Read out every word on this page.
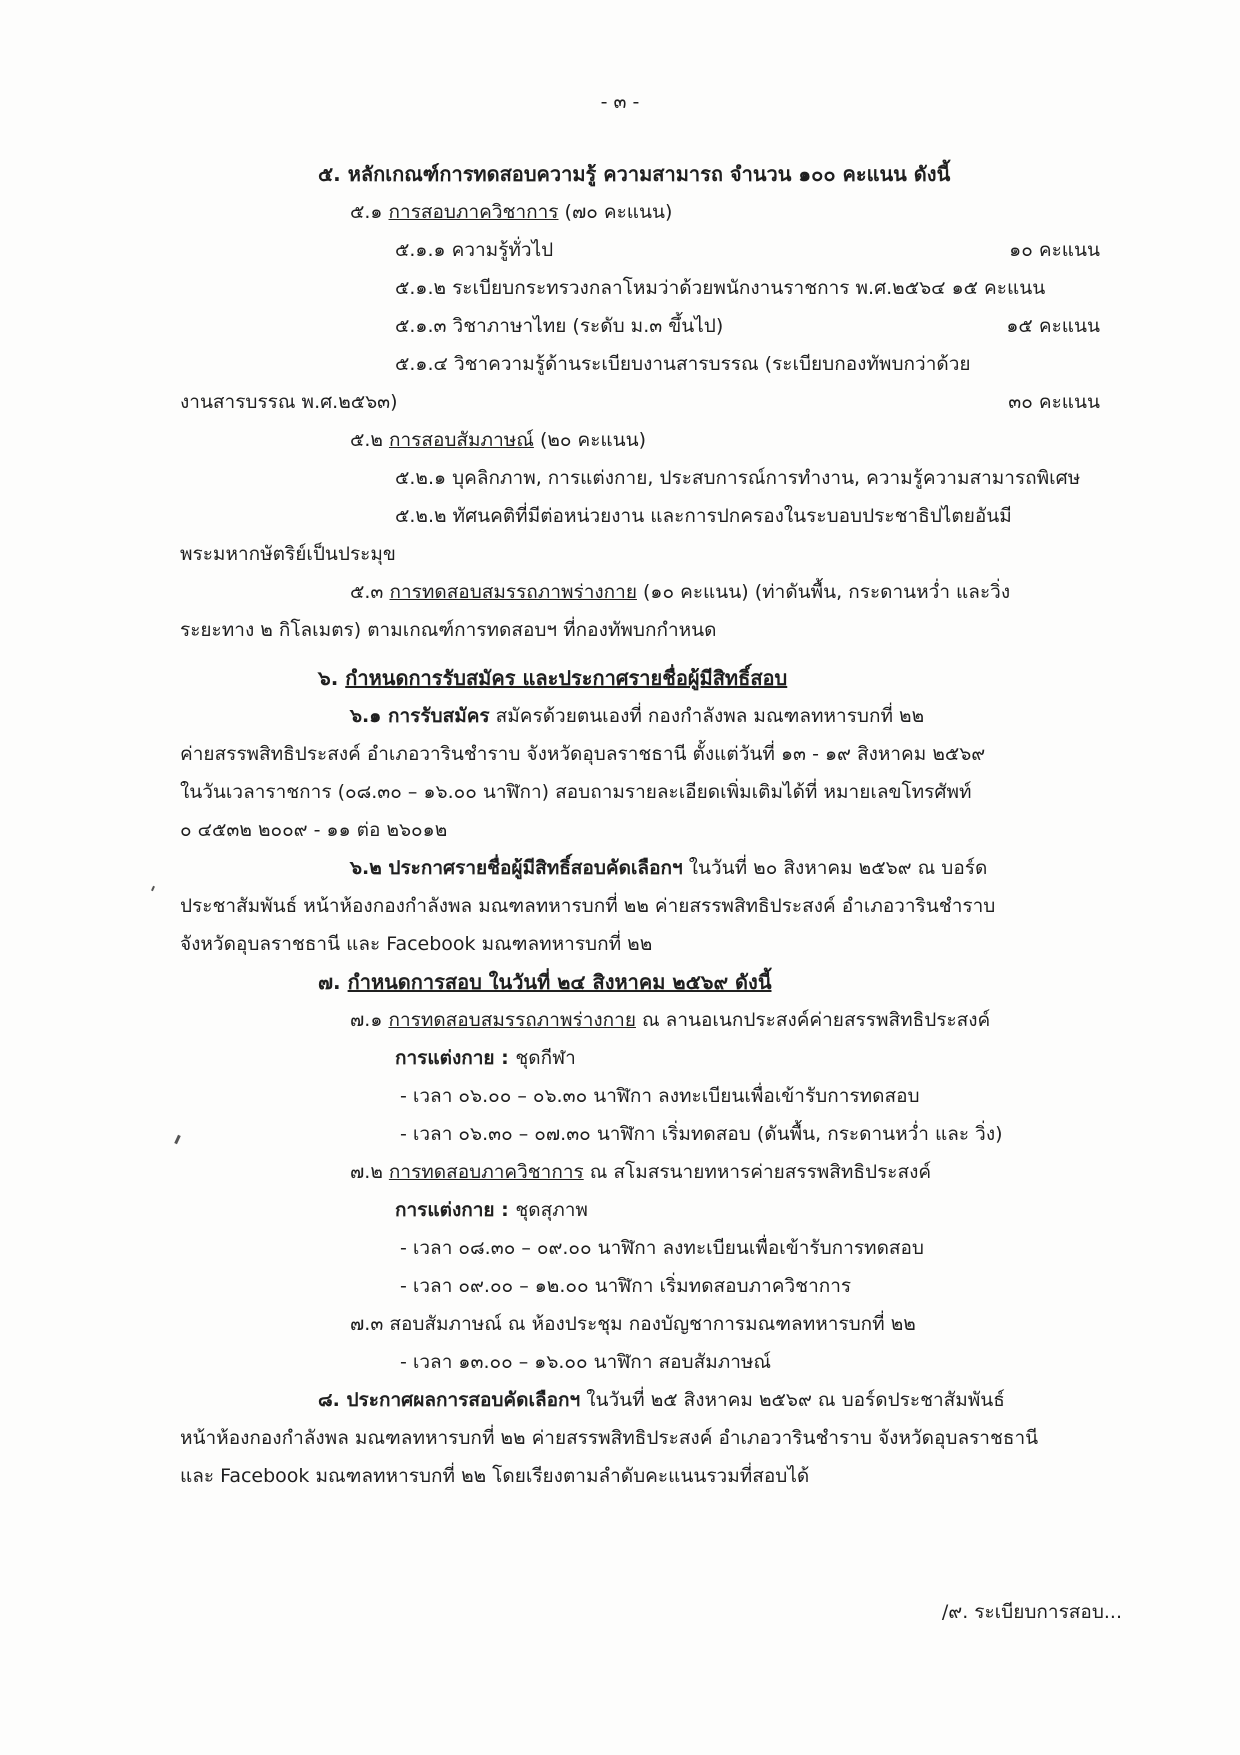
- ๓ -
๕. หลักเกณฑ์การทดสอบความรู้ ความสามารถ จำนวน ๑๐๐ คะแนน ดังนี้
๕.๑ การสอบภาควิชาการ (๗๐ คะแนน)
๕.๑.๑ ความรู้ทั่วไป	๑๐ คะแนน
๕.๑.๒ ระเบียบกระทรวงกลาโหมว่าด้วยพนักงานราชการ พ.ศ.๒๕๖๔ ๑๕ คะแนน
๕.๑.๓ วิชาภาษาไทย (ระดับ ม.๓ ขึ้นไป)	๑๕ คะแนน
๕.๑.๔ วิชาความรู้ด้านระเบียบงานสารบรรณ (ระเบียบกองทัพบกว่าด้วย
งานสารบรรณ พ.ศ.๒๕๖๓)	๓๐ คะแนน
๕.๒ การสอบสัมภาษณ์ (๒๐ คะแนน)
๕.๒.๑ บุคลิกภาพ, การแต่งกาย, ประสบการณ์การทำงาน, ความรู้ความสามารถพิเศษ
๕.๒.๒ ทัศนคติที่มีต่อหน่วยงาน และการปกครองในระบอบประชาธิปไตยอันมี
พระมหากษัตริย์เป็นประมุข
๕.๓ การทดสอบสมรรถภาพร่างกาย (๑๐ คะแนน) (ท่าดันพื้น, กระดานหว่ำ และวิ่ง
ระยะทาง ๒ กิโลเมตร) ตามเกณฑ์การทดสอบฯ ที่กองทัพบกกำหนด
๖. กำหนดการรับสมัคร และประกาศรายชื่อผู้มีสิทธิ์สอบ
๖.๑ การรับสมัคร สมัครด้วยตนเองที่ กองกำลังพล มณฑลทหารบกที่ ๒๒
ค่ายสรรพสิทธิประสงค์ อำเภอวารินชำราบ จังหวัดอุบลราชธานี ตั้งแต่วันที่ ๑๓ - ๑๙ สิงหาคม ๒๕๖๙
ในวันเวลาราชการ (๐๘.๓๐ – ๑๖.๐๐ นาฬิกา) สอบถามรายละเอียดเพิ่มเติมได้ที่ หมายเลขโทรศัพท์
๐ ๔๕๓๒ ๒๐๐๙ - ๑๑ ต่อ ๒๖๐๑๒
๖.๒ ประกาศรายชื่อผู้มีสิทธิ์สอบคัดเลือกฯ ในวันที่ ๒๐ สิงหาคม ๒๕๖๙ ณ บอร์ด
ประชาสัมพันธ์ หน้าห้องกองกำลังพล มณฑลทหารบกที่ ๒๒ ค่ายสรรพสิทธิประสงค์ อำเภอวารินชำราบ
จังหวัดอุบลราชธานี และ Facebook มณฑลทหารบกที่ ๒๒
๗. กำหนดการสอบ ในวันที่ ๒๔ สิงหาคม ๒๕๖๙ ดังนี้
๗.๑ การทดสอบสมรรถภาพร่างกาย ณ ลานอเนกประสงค์ค่ายสรรพสิทธิประสงค์
การแต่งกาย : ชุดกีฬา
- เวลา ๐๖.๐๐ – ๐๖.๓๐ นาฬิกา ลงทะเบียนเพื่อเข้ารับการทดสอบ
- เวลา ๐๖.๓๐ – ๐๗.๓๐ นาฬิกา เริ่มทดสอบ (ดันพื้น, กระดานหว่ำ และ วิ่ง)
๗.๒ การทดสอบภาควิชาการ ณ สโมสรนายทหารค่ายสรรพสิทธิประสงค์
การแต่งกาย : ชุดสุภาพ
- เวลา ๐๘.๓๐ – ๐๙.๐๐ นาฬิกา ลงทะเบียนเพื่อเข้ารับการทดสอบ
- เวลา ๐๙.๐๐ – ๑๒.๐๐ นาฬิกา เริ่มทดสอบภาควิชาการ
๗.๓ สอบสัมภาษณ์ ณ ห้องประชุม กองบัญชาการมณฑลทหารบกที่ ๒๒
- เวลา ๑๓.๐๐ – ๑๖.๐๐ นาฬิกา สอบสัมภาษณ์
๘. ประกาศผลการสอบคัดเลือกฯ ในวันที่ ๒๕ สิงหาคม ๒๕๖๙ ณ บอร์ดประชาสัมพันธ์
หน้าห้องกองกำลังพล มณฑลทหารบกที่ ๒๒ ค่ายสรรพสิทธิประสงค์ อำเภอวารินชำราบ จังหวัดอุบลราชธานี
และ Facebook มณฑลทหารบกที่ ๒๒ โดยเรียงตามลำดับคะแนนรวมที่สอบได้
/๙. ระเบียบการสอบ...
